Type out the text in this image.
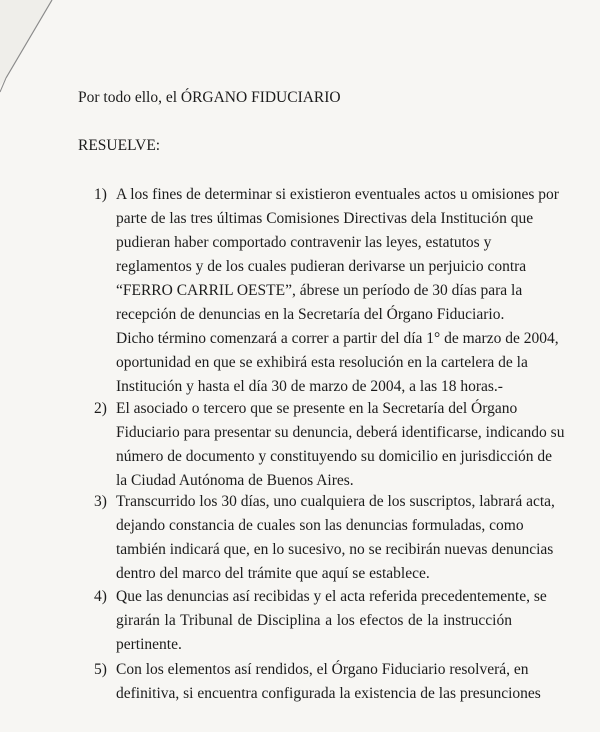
Por todo ello, el ÓRGANO FIDUCIARIO
RESUELVE:
1) A los fines de determinar si existieron eventuales actos u omisiones por
parte de las tres últimas Comisiones Directivas dela Institución que
pudieran haber comportado contravenir las leyes, estatutos y
reglamentos y de los cuales pudieran derivarse un perjuicio contra
“FERRO CARRIL OESTE”, ábrese un período de 30 días para la
recepción de denuncias en la Secretaría del Órgano Fiduciario.
Dicho término comenzará a correr a partir del día 1° de marzo de 2004,
oportunidad en que se exhibirá esta resolución en la cartelera de la
Institución y hasta el día 30 de marzo de 2004, a las 18 horas.-
2) El asociado o tercero que se presente en la Secretaría del Órgano
Fiduciario para presentar su denuncia, deberá identificarse, indicando su
número de documento y constituyendo su domicilio en jurisdicción de
la Ciudad Autónoma de Buenos Aires.
3) Transcurrido los 30 días, uno cualquiera de los suscriptos, labrará acta,
dejando constancia de cuales son las denuncias formuladas, como
también indicará que, en lo sucesivo, no se recibirán nuevas denuncias
dentro del marco del trámite que aquí se establece.
4) Que las denuncias así recibidas y el acta referida precedentemente, se
girarán la Tribunal de Disciplina a los efectos de la instrucción
pertinente.
5) Con los elementos así rendidos, el Órgano Fiduciario resolverá, en
definitiva, si encuentra configurada la existencia de las presunciones
